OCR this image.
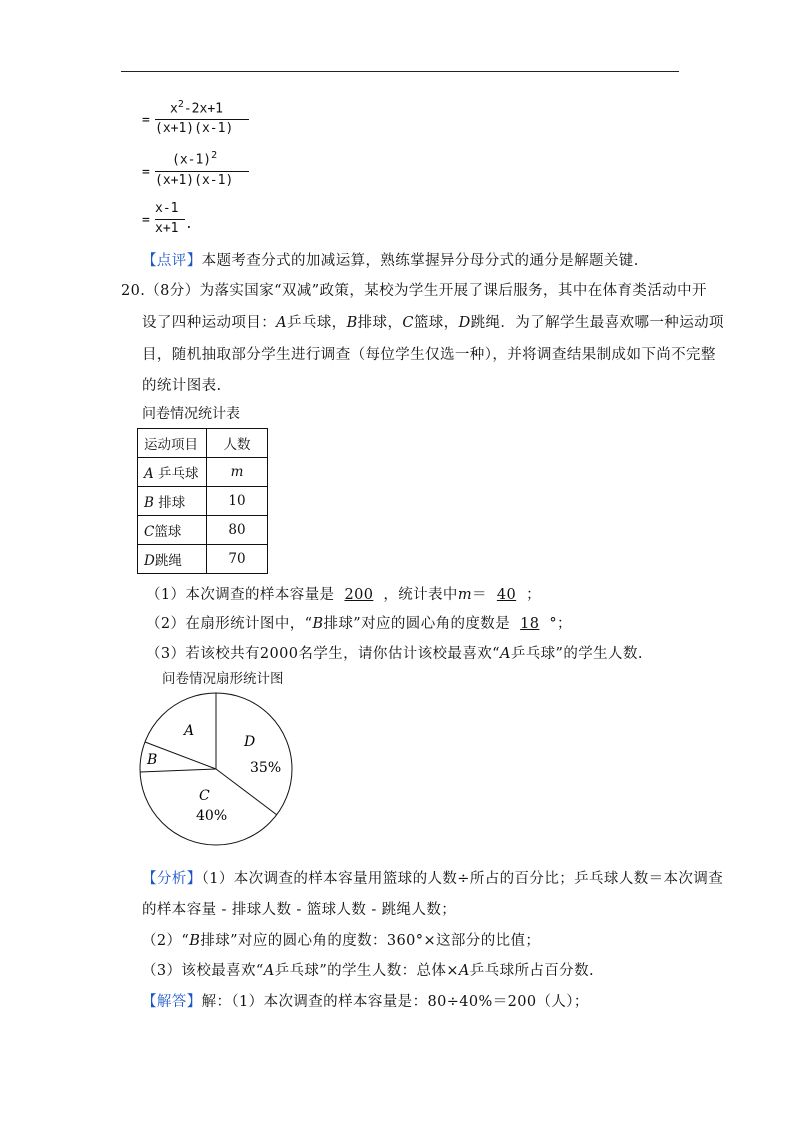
=
$x^2-2x+1$
(x+1)(x-1)
=
$(x-1)^2$
(x+1)(x-1)
=
x-1
x+1 .
【点评】本题考查分式的加减运算，熟练掌握异分母分式的通分是解题关键.
20.（8分）为落实国家“双减”政策，某校为学生开展了课后服务，其中在体育类活动中开
设了四种运动项目：A乒乓球，B排球，C篮球，D跳绳．为了解学生最喜欢哪一种运动项
目，随机抽取部分学生进行调查（每位学生仅选一种），并将调查结果制成如下尚不完整
的统计图表.
问卷情况统计表
运动项目	人数
A 乒乓球	m
B 排球	10
C篮球	80
D跳绳	70
（1）本次调查的样本容量是 200 ，统计表中m＝ 40 ；
（2）在扇形统计图中，“B排球”对应的圆心角的度数是 18 °；
（3）若该校共有2000名学生，请你估计该校最喜欢“A乒乓球”的学生人数.
问卷情况扇形统计图
A
B
D
35%
C
40%
【分析】（1）本次调查的样本容量用篮球的人数÷所占的百分比；乒乓球人数＝本次调查
的样本容量 - 排球人数 - 篮球人数 - 跳绳人数；
（2）“B排球”对应的圆心角的度数：360°×这部分的比值；
（3）该校最喜欢“A乒乓球”的学生人数：总体×A乒乓球所占百分数.
【解答】解：（1）本次调查的样本容量是：80÷40%＝200（人）；
